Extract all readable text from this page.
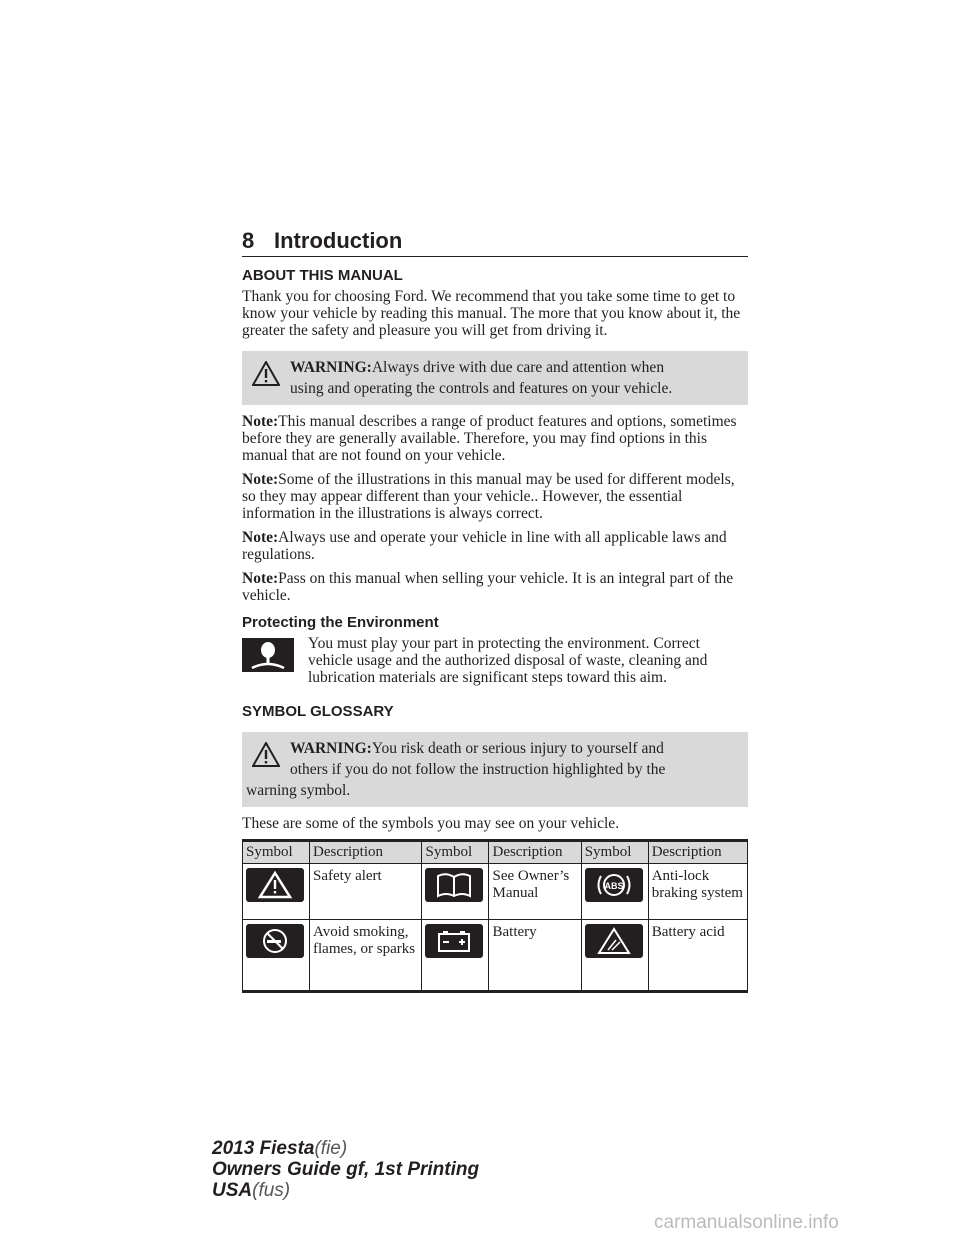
8 Introduction
ABOUT THIS MANUAL

Thank you for choosing Ford. We recommend that you take some time to get to know your vehicle by reading this manual. The more that you know about it, the greater the safety and pleasure you will get from driving it.

WARNING:Always drive with due care and attention when

using and operating the controls and features on your vehicle.

Note:This manual describes a range of product features and options, sometimes before they are generally available. Therefore, you may find options in this manual that are not found on your vehicle.

Note:Some of the illustrations in this manual may be used for different models, so they may appear different than your vehicle.. However, the essential information in the illustrations is always correct.

Note:Always use and operate your vehicle in line with all applicable laws and regulations.

Note:Pass on this manual when selling your vehicle. It is an integral part of the vehicle.

Protecting the Environment

You must play your part in protecting the environment. Correct vehicle usage and the authorized disposal of waste, cleaning and lubrication materials are significant steps toward this aim.

SYMBOL GLOSSARY

WARNING:You risk death or serious injury to yourself and

others if you do not follow the instruction highlighted by the

warning symbol.

These are some of the symbols you may see on your vehicle.

Symbol	Description	Symbol	Description	Symbol	Description

	Safety alert		See Owner’s Manual	ABS	Anti-lock braking system

	Avoid smoking, flames, or sparks		Battery		Battery acid
2013 Fiesta(fie)
Owners Guide gf, 1st Printing
USA(fus)
carmanualsonline.info
